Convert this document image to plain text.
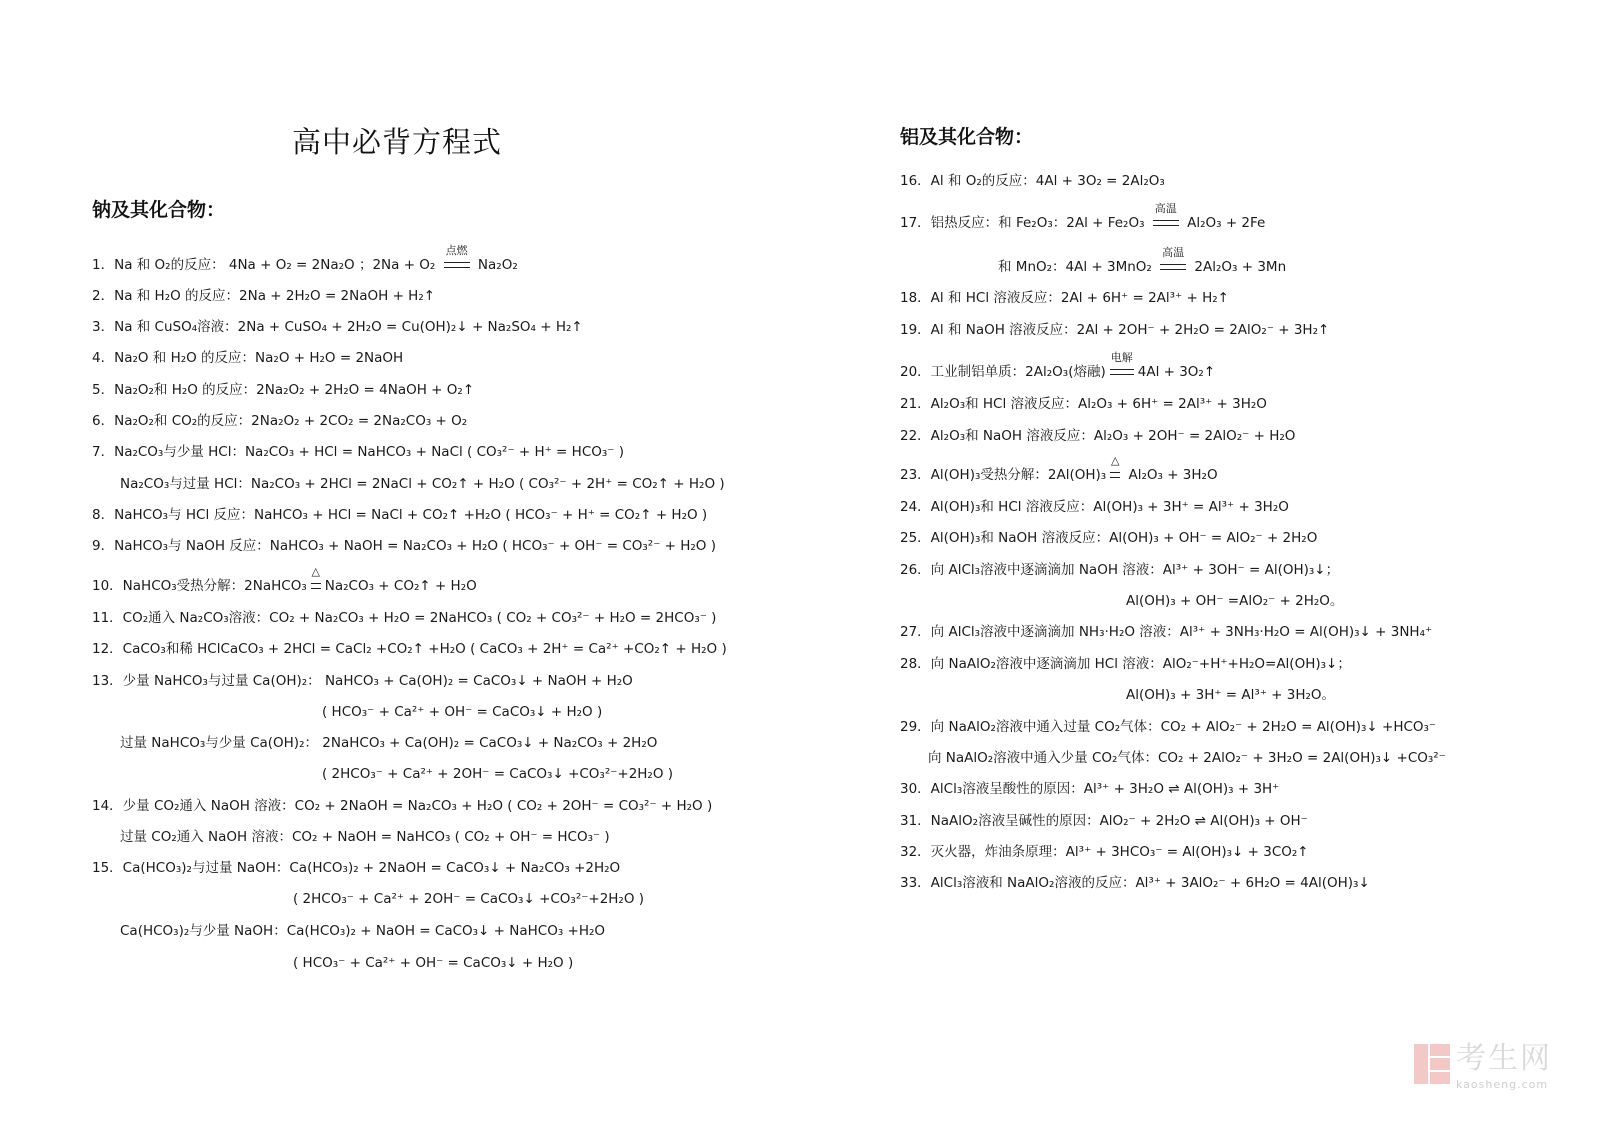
高中必背方程式
钠及其化合物：
1．Na 和 O₂的反应： 4Na + O₂ = 2Na₂O ；2Na + O₂
点燃
Na₂O₂
2．Na 和 H₂O 的反应：2Na + 2H₂O = 2NaOH + H₂↑
3．Na 和 CuSO₄溶液：2Na + CuSO₄ + 2H₂O = Cu(OH)₂↓ + Na₂SO₄ + H₂↑
4．Na₂O 和 H₂O 的反应：Na₂O + H₂O = 2NaOH
5．Na₂O₂和 H₂O 的反应：2Na₂O₂ + 2H₂O = 4NaOH + O₂↑
6．Na₂O₂和 CO₂的反应：2Na₂O₂ + 2CO₂ = 2Na₂CO₃ + O₂
7．Na₂CO₃与少量 HCl：Na₂CO₃ + HCl = NaHCO₃ + NaCl ( CO₃²⁻ + H⁺ = HCO₃⁻ )
Na₂CO₃与过量 HCl：Na₂CO₃ + 2HCl = 2NaCl + CO₂↑ + H₂O ( CO₃²⁻ + 2H⁺ = CO₂↑ + H₂O )
8．NaHCO₃与 HCl 反应：NaHCO₃ + HCl = NaCl + CO₂↑ +H₂O ( HCO₃⁻ + H⁺ = CO₂↑ + H₂O )
9．NaHCO₃与 NaOH 反应：NaHCO₃ + NaOH = Na₂CO₃ + H₂O ( HCO₃⁻ + OH⁻ = CO₃²⁻ + H₂O )
10．NaHCO₃受热分解：2NaHCO₃
△
Na₂CO₃ + CO₂↑ + H₂O
11．CO₂通入 Na₂CO₃溶液：CO₂ + Na₂CO₃ + H₂O = 2NaHCO₃ ( CO₂ + CO₃²⁻ + H₂O = 2HCO₃⁻ )
12．CaCO₃和稀 HClCaCO₃ + 2HCl = CaCl₂ +CO₂↑ +H₂O ( CaCO₃ + 2H⁺ = Ca²⁺ +CO₂↑ + H₂O )
13．少量 NaHCO₃与过量 Ca(OH)₂： NaHCO₃ + Ca(OH)₂ = CaCO₃↓ + NaOH + H₂O
( HCO₃⁻ + Ca²⁺ + OH⁻ = CaCO₃↓ + H₂O )
过量 NaHCO₃与少量 Ca(OH)₂： 2NaHCO₃ + Ca(OH)₂ = CaCO₃↓ + Na₂CO₃ + 2H₂O
( 2HCO₃⁻ + Ca²⁺ + 2OH⁻ = CaCO₃↓ +CO₃²⁻+2H₂O )
14．少量 CO₂通入 NaOH 溶液：CO₂ + 2NaOH = Na₂CO₃ + H₂O ( CO₂ + 2OH⁻ = CO₃²⁻ + H₂O )
过量 CO₂通入 NaOH 溶液：CO₂ + NaOH = NaHCO₃ ( CO₂ + OH⁻ = HCO₃⁻ )
15．Ca(HCO₃)₂与过量 NaOH：Ca(HCO₃)₂ + 2NaOH = CaCO₃↓ + Na₂CO₃ +2H₂O
( 2HCO₃⁻ + Ca²⁺ + 2OH⁻ = CaCO₃↓ +CO₃²⁻+2H₂O )
Ca(HCO₃)₂与少量 NaOH：Ca(HCO₃)₂ + NaOH = CaCO₃↓ + NaHCO₃ +H₂O
( HCO₃⁻ + Ca²⁺ + OH⁻ = CaCO₃↓ + H₂O )
铝及其化合物：
16．Al 和 O₂的反应：4Al + 3O₂ = 2Al₂O₃
17．铝热反应：和 Fe₂O₃：2Al + Fe₂O₃
高温
Al₂O₃ + 2Fe
和 MnO₂：4Al + 3MnO₂
高温
2Al₂O₃ + 3Mn
18．Al 和 HCl 溶液反应：2Al + 6H⁺ = 2Al³⁺ + H₂↑
19．Al 和 NaOH 溶液反应：2Al + 2OH⁻ + 2H₂O = 2AlO₂⁻ + 3H₂↑
20．工业制铝单质：2Al₂O₃(熔融)
电解
4Al + 3O₂↑
21．Al₂O₃和 HCl 溶液反应：Al₂O₃ + 6H⁺ = 2Al³⁺ + 3H₂O
22．Al₂O₃和 NaOH 溶液反应：Al₂O₃ + 2OH⁻ = 2AlO₂⁻ + H₂O
23．Al(OH)₃受热分解：2Al(OH)₃
△
Al₂O₃ + 3H₂O
24．Al(OH)₃和 HCl 溶液反应：Al(OH)₃ + 3H⁺ = Al³⁺ + 3H₂O
25．Al(OH)₃和 NaOH 溶液反应：Al(OH)₃ + OH⁻ = AlO₂⁻ + 2H₂O
26．向 AlCl₃溶液中逐滴滴加 NaOH 溶液：Al³⁺ + 3OH⁻ = Al(OH)₃↓；
Al(OH)₃ + OH⁻ =AlO₂⁻ + 2H₂O。
27．向 AlCl₃溶液中逐滴滴加 NH₃·H₂O 溶液：Al³⁺ + 3NH₃·H₂O = Al(OH)₃↓ + 3NH₄⁺
28．向 NaAlO₂溶液中逐滴滴加 HCl 溶液：AlO₂⁻+H⁺+H₂O=Al(OH)₃↓；
Al(OH)₃ + 3H⁺ = Al³⁺ + 3H₂O。
29．向 NaAlO₂溶液中通入过量 CO₂气体：CO₂ + AlO₂⁻ + 2H₂O = Al(OH)₃↓ +HCO₃⁻
向 NaAlO₂溶液中通入少量 CO₂气体：CO₂ + 2AlO₂⁻ + 3H₂O = 2Al(OH)₃↓ +CO₃²⁻
30．AlCl₃溶液呈酸性的原因：Al³⁺ + 3H₂O ⇌ Al(OH)₃ + 3H⁺
31．NaAlO₂溶液呈碱性的原因：AlO₂⁻ + 2H₂O ⇌ Al(OH)₃ + OH⁻
32．灭火器，炸油条原理：Al³⁺ + 3HCO₃⁻ = Al(OH)₃↓ + 3CO₂↑
33．AlCl₃溶液和 NaAlO₂溶液的反应：Al³⁺ + 3AlO₂⁻ + 6H₂O = 4Al(OH)₃↓
考生网
kaosheng.com
